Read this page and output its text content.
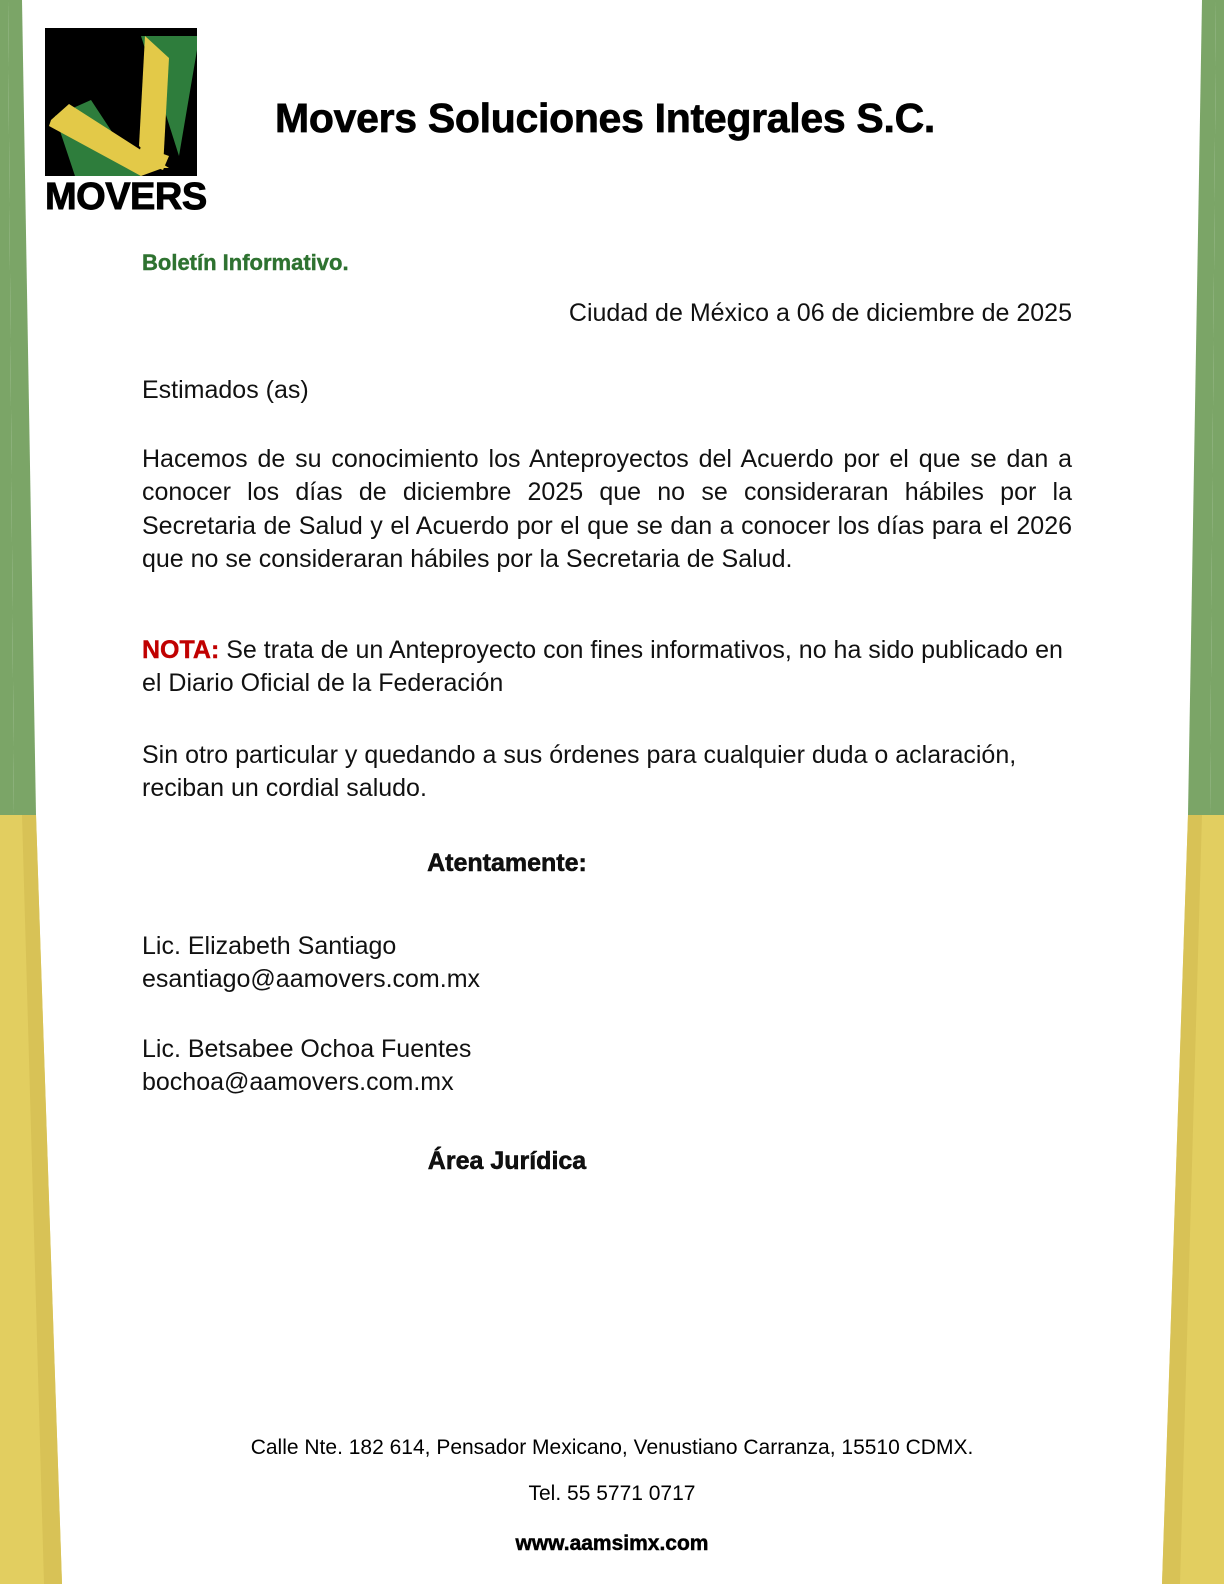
MOVERS
Movers Soluciones Integrales S.C.

Boletín Informativo.

Ciudad de México a 06 de diciembre de 2025

Estimados (as)

Hacemos de su conocimiento los Anteproyectos del Acuerdo por el que se dan a conocer los días de diciembre 2025 que no se consideraran hábiles por la Secretaria de Salud y el Acuerdo por el que se dan a conocer los días para el 2026 que no se consideraran hábiles por la Secretaria de Salud.

NOTA: Se trata de un Anteproyecto con fines informativos, no ha sido publicado en el Diario Oficial de la Federación

Sin otro particular y quedando a sus órdenes para cualquier duda o aclaración, reciban un cordial saludo.

Atentamente:

Lic. Elizabeth Santiago
esantiago@aamovers.com.mx
Lic. Betsabee Ochoa Fuentes
bochoa@aamovers.com.mx

Área Jurídica

Calle Nte. 182 614, Pensador Mexicano, Venustiano Carranza, 15510 CDMX.

Tel. 55 5771 0717

www.aamsimx.com
